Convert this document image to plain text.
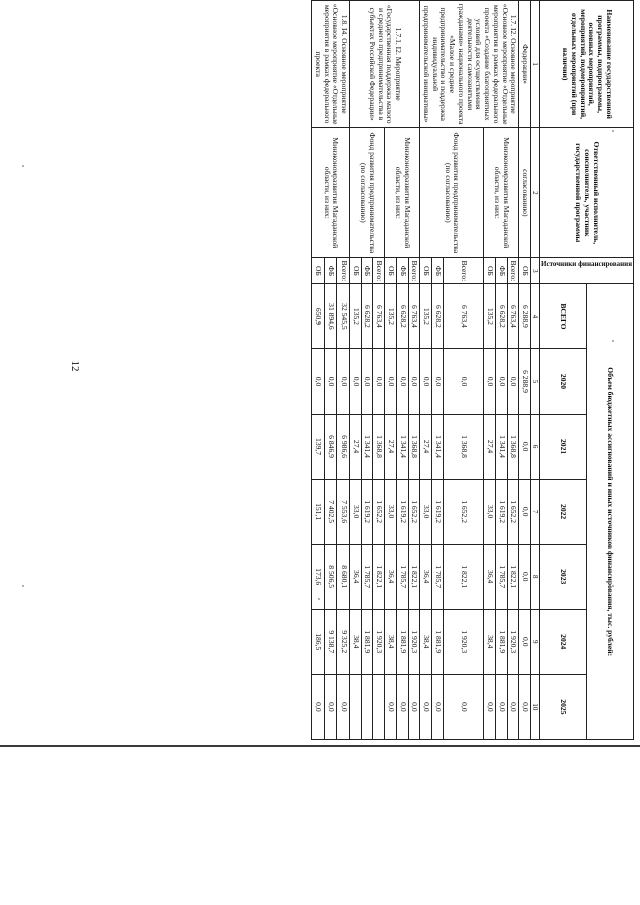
12
Наименование государственной программы, подпрограммы, основных мероприятий, мероприятий, подмероприятий, отдельных мероприятий (при наличии)	Ответственный исполнитель, соисполнитель, участник государственной программы	Источники финансирования	Объем бюджетных ассигнований и иных источников финансирования, тыс. рублей:						
			ВСЕГО	2020	2021	2022	2023	2024	2025
1	2	3	4	5	6	7	8	9	10
Федерации»	согласованию)	ОБ	6 288,9	6 288,9	0,0	0,0	0,0	0,0	0,0
1.7. I2. Основное мероприятие «Основное мероприятие «Отдельные мероприятия в рамках федерального проекта «Создание благоприятных условий для осуществления деятельности самозанятыми гражданами» национального проекта «Малое и среднее предпринимательство и поддержка индивидуальной предпринимательской инициативы»	Минэкономразвития Магаданской области, из них:	Всего:	6 763,4	0,0	1 368,8	1 652,2	1 822,1	1 920,3	0,0
		ФБ	6 628,2	0,0	1 341,4	1 619,2	1 785,7	1 881,9	0,0
		ОБ	135,2	0,0	27,4	33,0	36,4	38,4	0,0
	Фонд развития предпринимательства (по согласованию)	Всего:	6 763,4	0,0	1 368,8	1 652,2	1 822,1	1 920,3	0,0
		ФБ	6 628,2	0,0	1 341,4	1 619,2	1 785,7	1 881,9	0,0
		ОБ	135,2	0,0	27,4	33,0	36,4	38,4	0,0
1.7.1. I2. Мероприятие «Государственная поддержка малого и среднего предпринимательства в субъектах Российской Федерации»	Минэкономразвития Магаданской области, из них:	Всего:	6 763,4	0,0	1 368,8	1 652,2	1 822,1	1 920,3	0,0
		ФБ	6 628,2	0,0	1 341,4	1 619,2	1 785,7	1 881,9	0,0
		ОБ	135,2	0,0	27,4	33,0	36,4	38,4	0,0
	Фонд развития предпринимательства (по согласованию)	Всего:	6 763,4	0,0	1 368,8	1 652,2	1 822,1	1 920,3	
		ФБ	6 628,2	0,0	1 341,4	1 619,2	1 785,7	1 881,9	
		ОБ	135,2	0,0	27,4	33,0	36,4	38,4	
1.8. I4. Основное мероприятие «Основное мероприятие «Отдельные мероприятия в рамках федерального проекта	Минэкономразвития Магаданской области, из них:	Всего:	32 545,5	0,0	6 986,6	7 553,6	8 680,1	9 325,2	0,0
		ФБ	31 894,6	0,0	6 846,9	7 402,5	8 506,5	9 138,7	0,0
		ОБ	650,9	0,0	139,7	151,1	173,6	186,5	0,0
